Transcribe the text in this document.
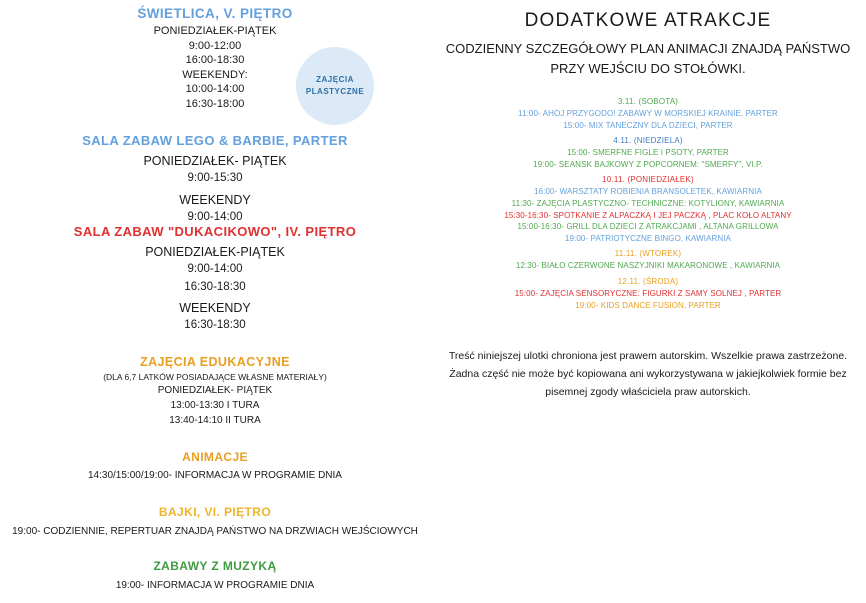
ŚWIETLICA, V. PIĘTRO
PONIEDZIAŁEK-PIĄTEK
9:00-12:00
16:00-18:30
WEEKENDY:
10:00-14:00
16:30-18:00
ZAJĘCIA
PLASTYCZNE
SALA ZABAW LEGO & BARBIE, PARTER
PONIEDZIAŁEK- PIĄTEK
9:00-15:30
WEEKENDY
9:00-14:00
SALA ZABAW "DUKACIKOWO", IV. PIĘTRO
PONIEDZIAŁEK-PIĄTEK
9:00-14:00
16:30-18:30
WEEKENDY
16:30-18:30
ZAJĘCIA EDUKACYJNE
(DLA 6,7 LATKÓW POSIADAJĄCE WŁASNE MATERIAŁY)
PONIEDZIAŁEK- PIĄTEK
13:00-13:30 I TURA
13:40-14:10 II TURA
ANIMACJE
14:30/15:00/19:00- INFORMACJA W PROGRAMIE DNIA
BAJKI, VI. PIĘTRO
19:00- CODZIENNIE, REPERTUAR ZNAJDĄ PAŃSTWO NA DRZWIACH WEJŚCIOWYCH
ZABAWY Z MUZYKĄ
19:00- INFORMACJA W PROGRAMIE DNIA
DODATKOWE ATRAKCJE
CODZIENNY SZCZEGÓŁOWY PLAN ANIMACJI ZNAJDĄ PAŃSTWO
PRZY WEJŚCIU DO STOŁÓWKI.
3.11. (SOBOTA)
11:00- AHOJ PRZYGODO! ZABAWY W MORSKIEJ KRAINIE, PARTER
15:00- MIX TANECZNY DLA DZIECI, PARTER
4.11. (NIEDZIELA)
15:00- SMERFNE FIGLE I PSOTY, PARTER
19:00- SEANSK BAJKOWY Z POPCORNEM: "SMERFY", VI.P.
10.11. (PONIEDZIAŁEK)
16:00- WARSZTATY ROBIENIA BRANSOLETEK, KAWIARNIA
11:30- ZAJĘCIA PLASTYCZNO- TECHNICZNE: KOTYLIONY, KAWIARNIA
15:30-16:30- SPOTKANIE Z ALPACZKĄ I JEJ PACZKĄ , PLAC KOŁO ALTANY
15:00-16:30- GRILL DLA DZIECI Z ATRAKCJAMI , ALTANA GRILLOWA
19:00- PATRIOTYCZNE BINGO, KAWIARNIA
11.11. (WTOREK)
12:30- BIAŁO CZERWONE NASZYJNIKI MAKARONOWE , KAWIARNIA
12.11. (ŚRODA)
15:00- ZAJĘCIA SENSORYCZNE: FIGURKI Z SAMY SOLNEJ , PARTER
19:00- KIDS DANCE FUSION, PARTER
Treść niniejszej ulotki chroniona jest prawem autorskim. Wszelkie prawa zastrzeżone.
Żadna część nie może być kopiowana ani wykorzystywana w jakiejkolwiek formie bez
pisemnej zgody właściciela praw autorskich.
